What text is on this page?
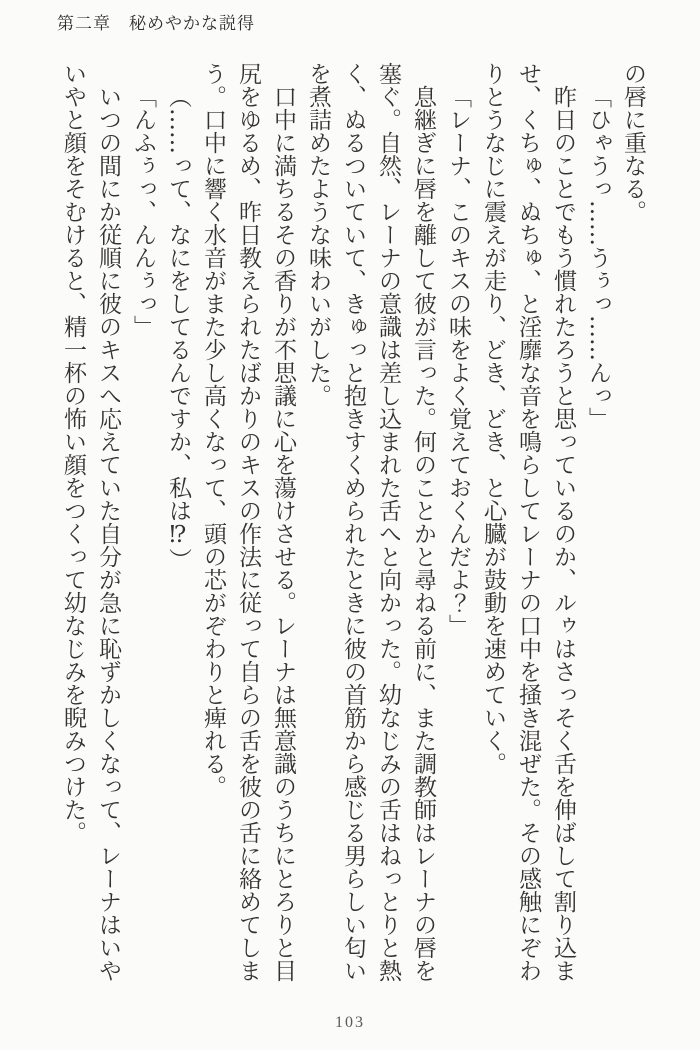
第二章　秘めやかな説得

の唇に重なる。

「ひゃうっ……うぅっ……んっ」

昨日のことでもう慣れたろうと思っているのか、ルゥはさっそく舌を伸ばして割り込ませ、くちゅ、ぬちゅ、と淫靡な音を鳴らしてレーナの口中を掻き混ぜた。その感触にぞわりとうなじに震えが走り、どき、どき、と心臓が鼓動を速めていく。

「レーナ、このキスの味をよく覚えておくんだよ？」

息継ぎに唇を離して彼が言った。何のことかと尋ねる前に、また調教師はレーナの唇を塞ぐ。自然、レーナの意識は差し込まれた舌へと向かった。幼なじみの舌はねっとりと熱く、ぬるついていて、きゅっと抱きすくめられたときに彼の首筋から感じる男らしい匂いを煮詰めたような味わいがした。

口中に満ちるその香りが不思議に心を蕩けさせる。レーナは無意識のうちにとろりと目尻をゆるめ、昨日教えられたばかりのキスの作法に従って自らの舌を彼の舌に絡めてしまう。口中に響く水音がまた少し高くなって、頭の芯がぞわりと痺れる。

（……って、なにをしてるんですか、私は⁉）

「んふぅっ、んんぅっ」

いつの間にか従順に彼のキスへ応えていた自分が急に恥ずかしくなって、レーナはいやいやと顔をそむけると、精一杯の怖い顔をつくって幼なじみを睨みつけた。

103
